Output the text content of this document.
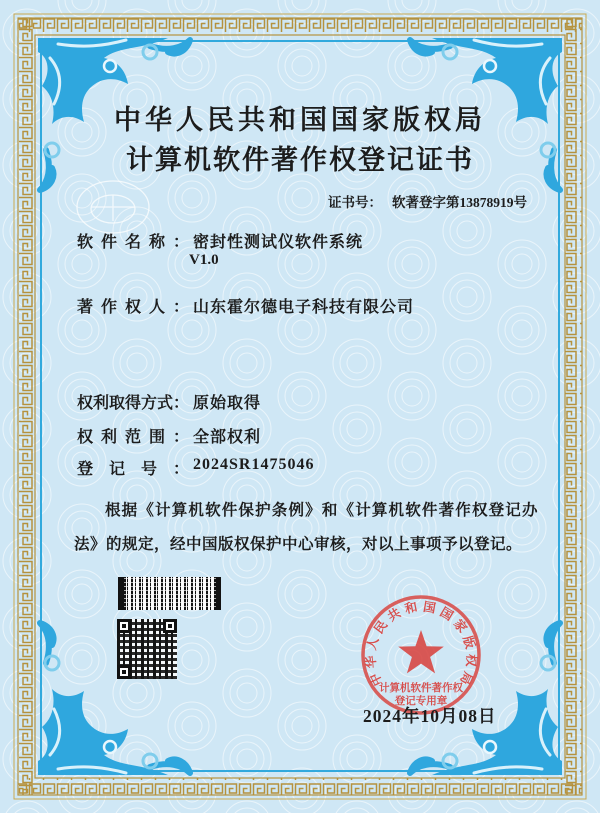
中华人民共和国国家版权局
计算机软件著作权登记证书
证书号： 软著登字第13878919号
软件名称： 密封性测试仪软件系统
V1.0
著作权人： 山东霍尔德电子科技有限公司
权利取得方式： 原始取得
权利范围： 全部权利
登记号： 2024SR1475046
根据《计算机软件保护条例》和《计算机软件著作权登记办法》的规定，经中国版权保护中心审核，对以上事项予以登记。
中华人民共和国国家版权局
计算机软件著作权
登记专用章
2024年10月08日
